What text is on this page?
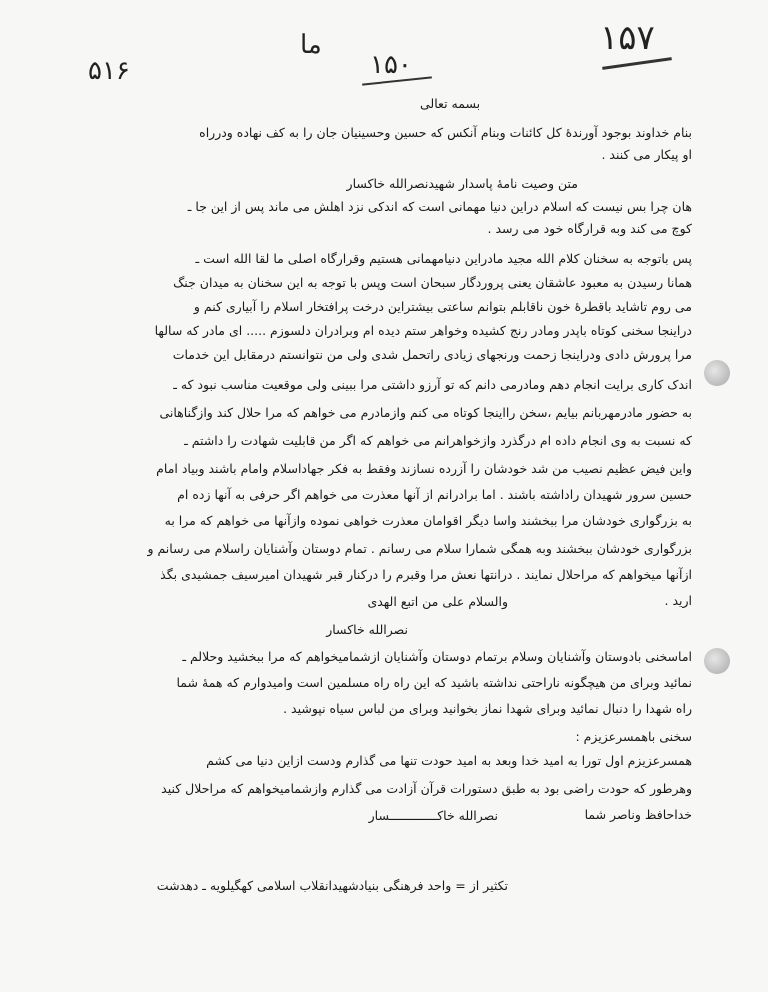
۱۵۷
۱۵۰
ما
۵۱۶
بسمه تعالی
بنام خداوند بوجود آورندهٔ کل کائنات وبنام آنکس که حسین وحسینیان جان را به کف نهاده ودرراه
او پیکار می کنند .
متن وصیت نامهٔ پاسدار شهیدنصرالله خاکسار
هان چرا بس نیست که اسلام دراین دنیا مهمانی است که اندکی نزد اهلش می ماند پس از این جا ـ
کوچ می کند وبه قرارگاه خود می رسد .
پس باتوجه به سخنان کلام الله مجید مادراین دنیامهمانی هستیم وقرارگاه اصلی ما لقا الله است ـ
همانا رسیدن به معبود عاشقان یعنی پروردگار سبحان است وپس با توجه به این سخنان به میدان جنگ
می روم تاشاید باقطرهٔ خون ناقابلم بتوانم ساعتی بیشتراین درخت پرافتخار اسلام را آبیاری کنم و
دراینجا سخنی کوتاه باپدر ومادر رنج کشیده وخواهر ستم دیده ام وبرادران دلسوزم ..... ای مادر که سالها
مرا پرورش دادی ودراینجا زحمت ورنجهای زیادی راتحمل شدی ولی من نتوانستم درمقابل این خدمات
اندک کاری برایت انجام دهم ومادرمی دانم که تو آرزو داشتی مرا ببینی ولی موقعیت مناسب نبود که ـ
به حضور مادرمهربانم بیایم ،سخن رااینجا کوتاه می کنم وازمادرم می خواهم که مرا حلال کند وازگناهانی
که نسبت به وی انجام داده ام درگذرد وازخواهرانم می خواهم که اگر من قابلیت شهادت را داشتم ـ
واین فیض عظیم نصیب من شد خودشان را آزرده نسازند وفقط به فکر جهاداسلام وامام باشند وبیاد امام
حسین سرور شهیدان راداشته باشند . اما برادرانم از آنها معذرت می خواهم اگر حرفی به آنها زده ام
به بزرگواری خودشان مرا ببخشند واسا دیگر اقوامان معذرت خواهی نموده وازآنها می خواهم که مرا به
بزرگواری خودشان ببخشند وبه همگی شمارا سلام می رسانم . تمام دوستان وآشنایان راسلام می رسانم و
ازآنها میخواهم که مراحلال نمایند . درانتها نعش مرا وقبرم را درکنار قبر شهیدان امیرسیف جمشیدی بگذ
ارید .
والسلام علی من اتبع الهدی
نصرالله خاکسار
اماسخنی بادوستان وآشنایان وسلام برتمام دوستان وآشنایان ازشمامیخواهم که مرا ببخشید وحلالم ـ
نمائید وبرای من هیچگونه ناراحتی نداشته باشید که این راه راه مسلمین است وامیدوارم که همهٔ شما
راه شهدا را دنبال نمائید وبرای شهدا نماز بخوانید وبرای من لباس سیاه نپوشید .
سخنی باهمسرعزیزم :
همسرعزیزم اول تورا به امید خدا وبعد به امید حودت تنها می گذارم ودست ازاین دنیا می کشم
وهرطور که حودت راضی بود به طبق دستورات قرآن آزادت می گذارم وازشمامیخواهم که مراحلال کنید
خداحافظ وناصر شما
نصرالله خاکـــــــــــــسار
تکثیر از = واحد فرهنگی بنیادشهیدانقلاب اسلامی کهگیلویه ـ دهدشت
